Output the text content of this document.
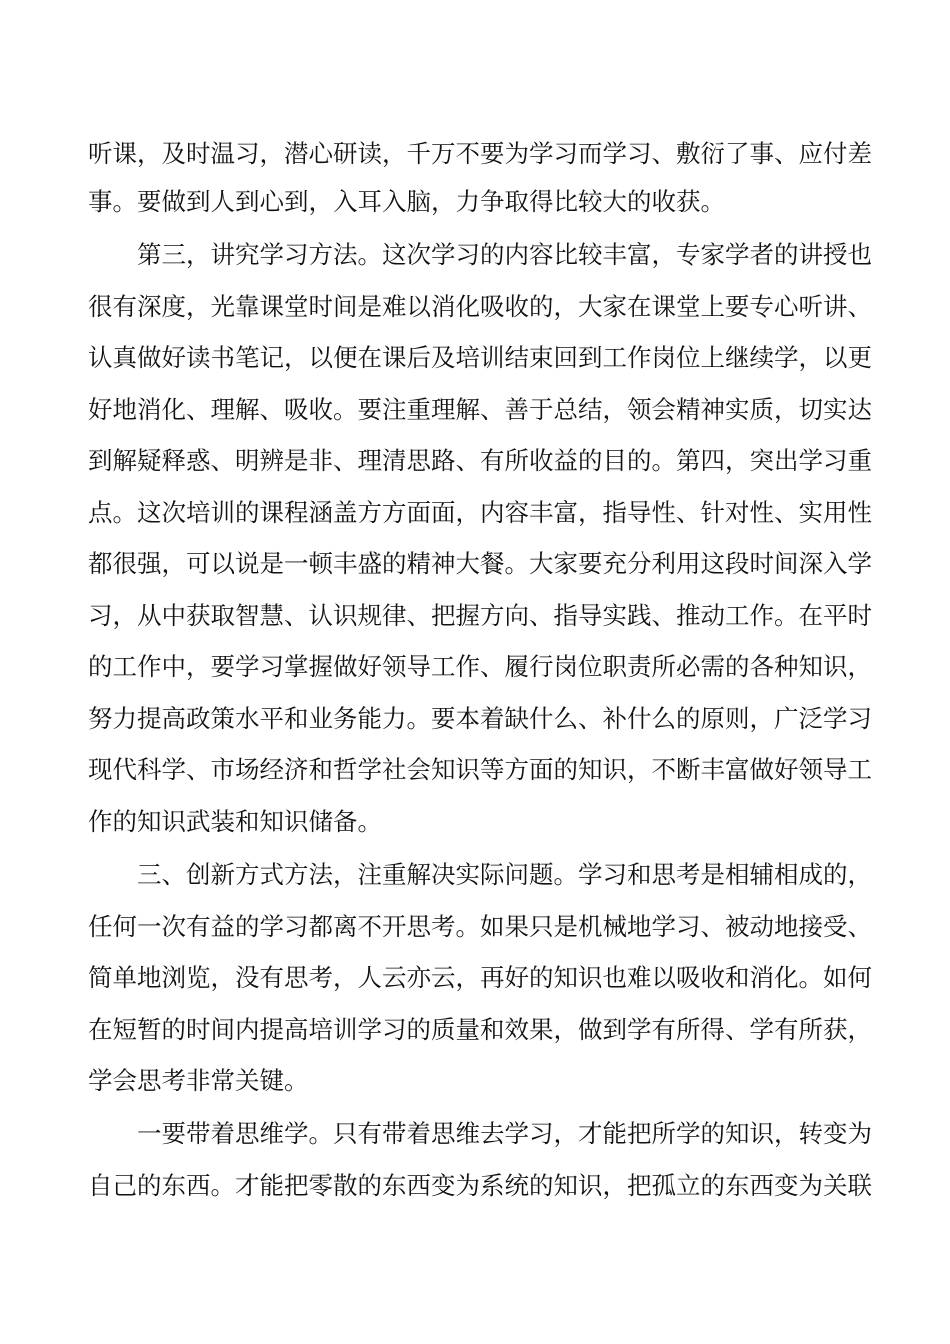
听课，及时温习，潜心研读，千万不要为学习而学习、敷衍了事、应付差
事。要做到人到心到，入耳入脑，力争取得比较大的收获。
第三，讲究学习方法。这次学习的内容比较丰富，专家学者的讲授也
很有深度，光靠课堂时间是难以消化吸收的，大家在课堂上要专心听讲、
认真做好读书笔记，以便在课后及培训结束回到工作岗位上继续学，以更
好地消化、理解、吸收。要注重理解、善于总结，领会精神实质，切实达
到解疑释惑、明辨是非、理清思路、有所收益的目的。第四，突出学习重
点。这次培训的课程涵盖方方面面，内容丰富，指导性、针对性、实用性
都很强，可以说是一顿丰盛的精神大餐。大家要充分利用这段时间深入学
习，从中获取智慧、认识规律、把握方向、指导实践、推动工作。在平时
的工作中，要学习掌握做好领导工作、履行岗位职责所必需的各种知识，
努力提高政策水平和业务能力。要本着缺什么、补什么的原则，广泛学习
现代科学、市场经济和哲学社会知识等方面的知识，不断丰富做好领导工
作的知识武装和知识储备。
三、创新方式方法，注重解决实际问题。学习和思考是相辅相成的，
任何一次有益的学习都离不开思考。如果只是机械地学习、被动地接受、
简单地浏览，没有思考，人云亦云，再好的知识也难以吸收和消化。如何
在短暂的时间内提高培训学习的质量和效果，做到学有所得、学有所获，
学会思考非常关键。
一要带着思维学。只有带着思维去学习，才能把所学的知识，转变为
自己的东西。才能把零散的东西变为系统的知识，把孤立的东西变为关联
